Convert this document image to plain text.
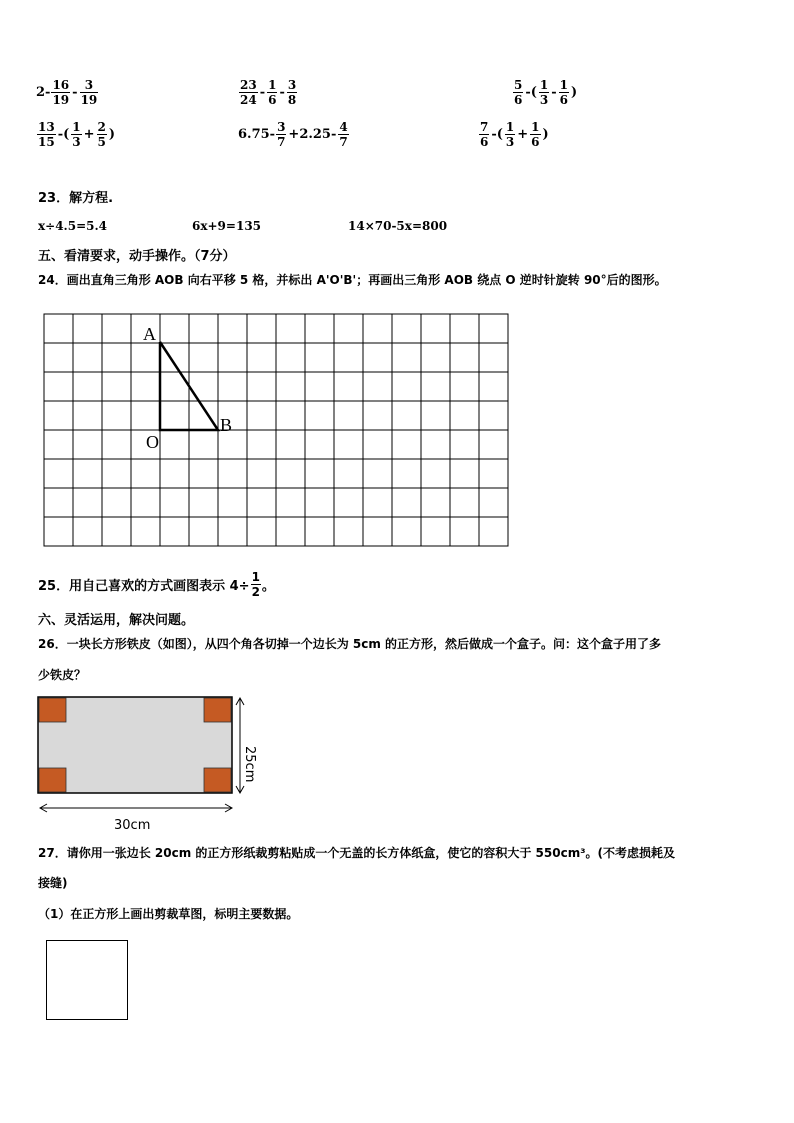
$2- \frac{16}{19} - \frac{3}{19}$	$\frac{23}{24} - \frac{1}{6} - \frac{3}{8}$	$\frac{5}{6}$ -( $\frac{1}{3} - \frac{1}{6}$ )
$\frac{13}{15}$ -( $\frac{1}{3} + \frac{2}{5}$ )	$6.75- \frac{3}{7} +2.25- \frac{4}{7}$	$\frac{7}{6}$ -( $\frac{1}{3} + \frac{1}{6}$ )
23．解方程.
x÷4.5=5.4	6x+9=135	14×70-5x=800
五、看清要求，动手操作。（7分）
24．画出直角三角形 AOB 向右平移 5 格，并标出 A'O'B'；再画出三角形 AOB 绕点 O 逆时针旋转 90°后的图形。
A
B
O
25．用自己喜欢的方式画图表示 $4\div \frac{1}{2}$ 。
六、灵活运用，解决问题。
26．一块长方形铁皮（如图），从四个角各切掉一个边长为 5cm 的正方形，然后做成一个盒子。问：这个盒子用了多
少铁皮？
30cm
25cm
27．请你用一张边长 20cm 的正方形纸裁剪粘贴成一个无盖的长方体纸盒，使它的容积大于 550cm³。(不考虑损耗及
接缝)
（1）在正方形上画出剪裁草图，标明主要数据。
